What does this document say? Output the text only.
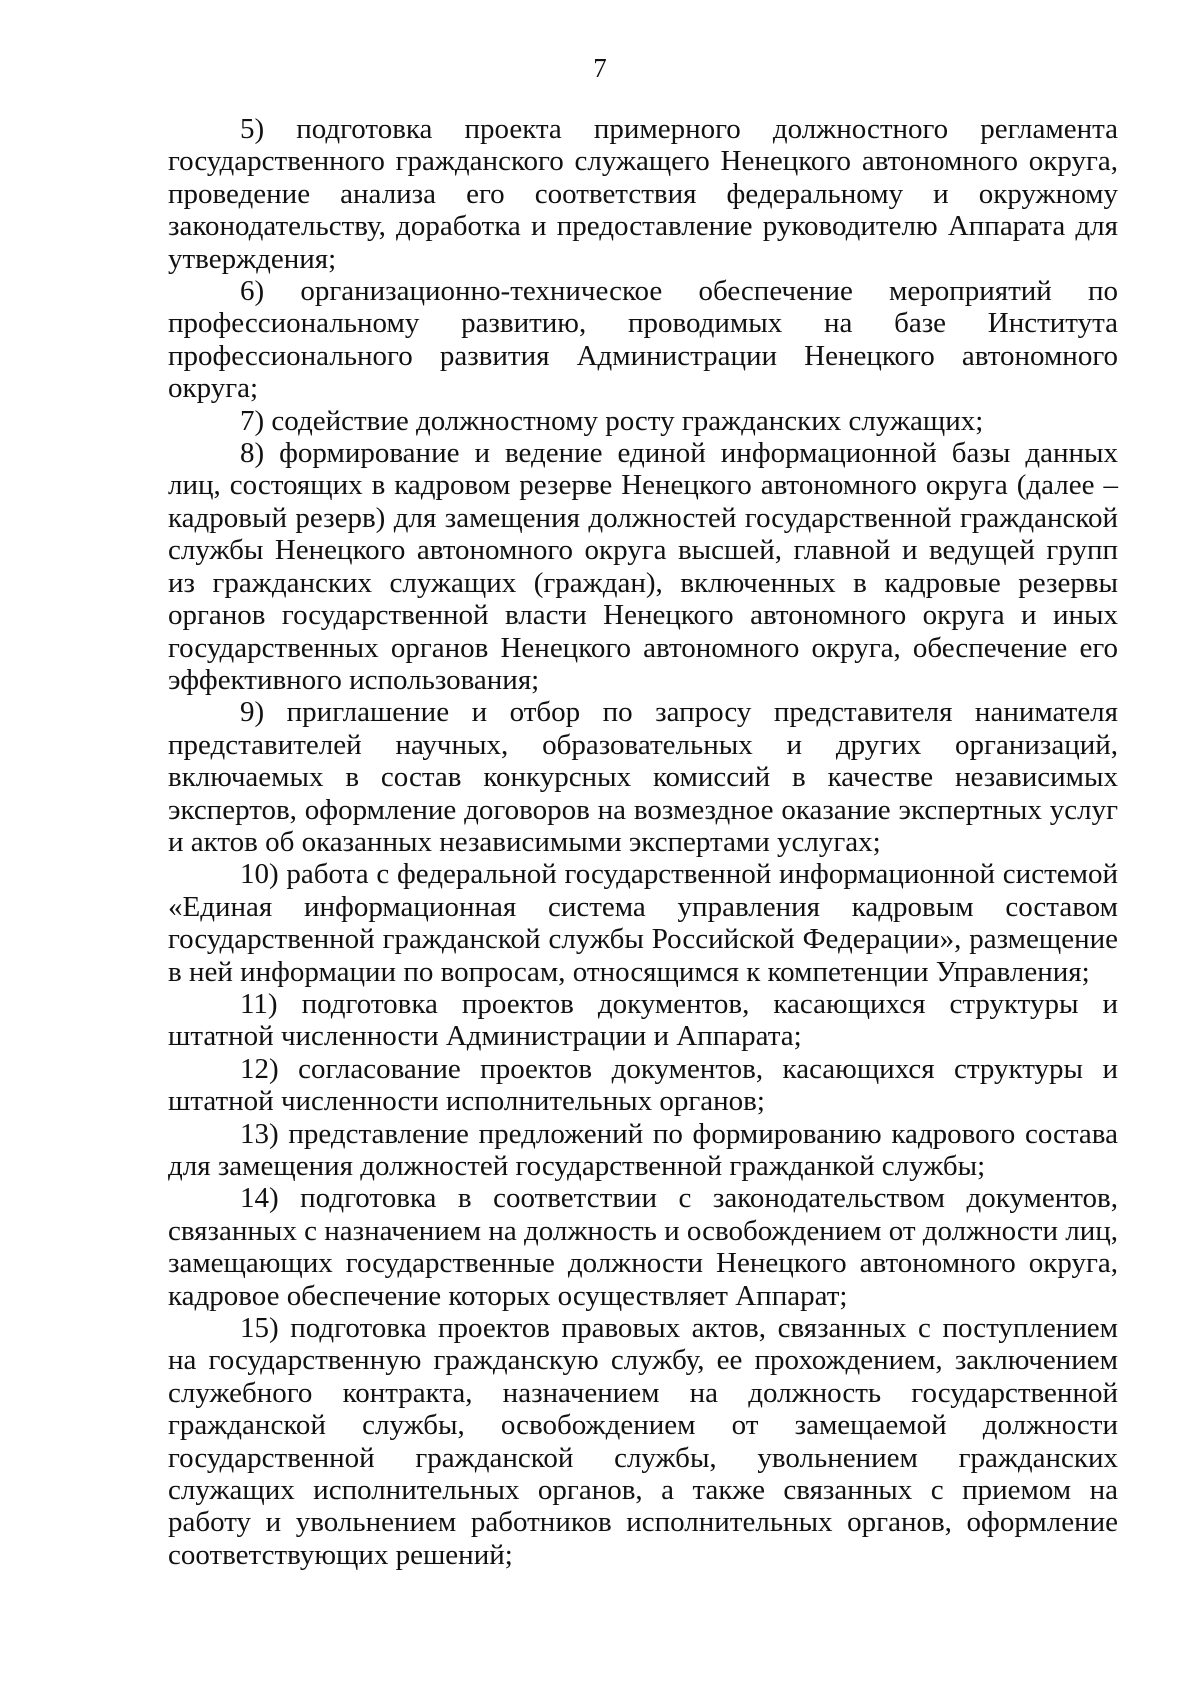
7

5) подготовка проекта примерного должностного регламента государственного гражданского служащего Ненецкого автономного округа, проведение анализа его соответствия федеральному и окружному законодательству, доработка и предоставление руководителю Аппарата для утверждения;

6) организационно-техническое обеспечение мероприятий по профессиональному развитию, проводимых на базе Института профессионального развития Администрации Ненецкого автономного округа;

7) содействие должностному росту гражданских служащих;

8) формирование и ведение единой информационной базы данных лиц, состоящих в кадровом резерве Ненецкого автономного округа (далее – кадровый резерв) для замещения должностей государственной гражданской службы Ненецкого автономного округа высшей, главной и ведущей групп из гражданских служащих (граждан), включенных в кадровые резервы органов государственной власти Ненецкого автономного округа и иных государственных органов Ненецкого автономного округа, обеспечение его эффективного использования;

9) приглашение и отбор по запросу представителя нанимателя представителей научных, образовательных и других организаций, включаемых в состав конкурсных комиссий в качестве независимых экспертов, оформление договоров на возмездное оказание экспертных услуг и актов об оказанных независимыми экспертами услугах;

10) работа с федеральной государственной информационной системой «Единая информационная система управления кадровым составом государственной гражданской службы Российской Федерации», размещение в ней информации по вопросам, относящимся к компетенции Управления;

11) подготовка проектов документов, касающихся структуры и штатной численности Администрации и Аппарата;

12) согласование проектов документов, касающихся структуры и штатной численности исполнительных органов;

13) представление предложений по формированию кадрового состава для замещения должностей государственной гражданкой службы;

14) подготовка в соответствии с законодательством документов, связанных с назначением на должность и освобождением от должности лиц, замещающих государственные должности Ненецкого автономного округа, кадровое обеспечение которых осуществляет Аппарат;

15) подготовка проектов правовых актов, связанных с поступлением на государственную гражданскую службу, ее прохождением, заключением служебного контракта, назначением на должность государственной гражданской службы, освобождением от замещаемой должности государственной гражданской службы, увольнением гражданских служащих исполнительных органов, а также связанных с приемом на работу и увольнением работников исполнительных органов, оформление соответствующих решений;
